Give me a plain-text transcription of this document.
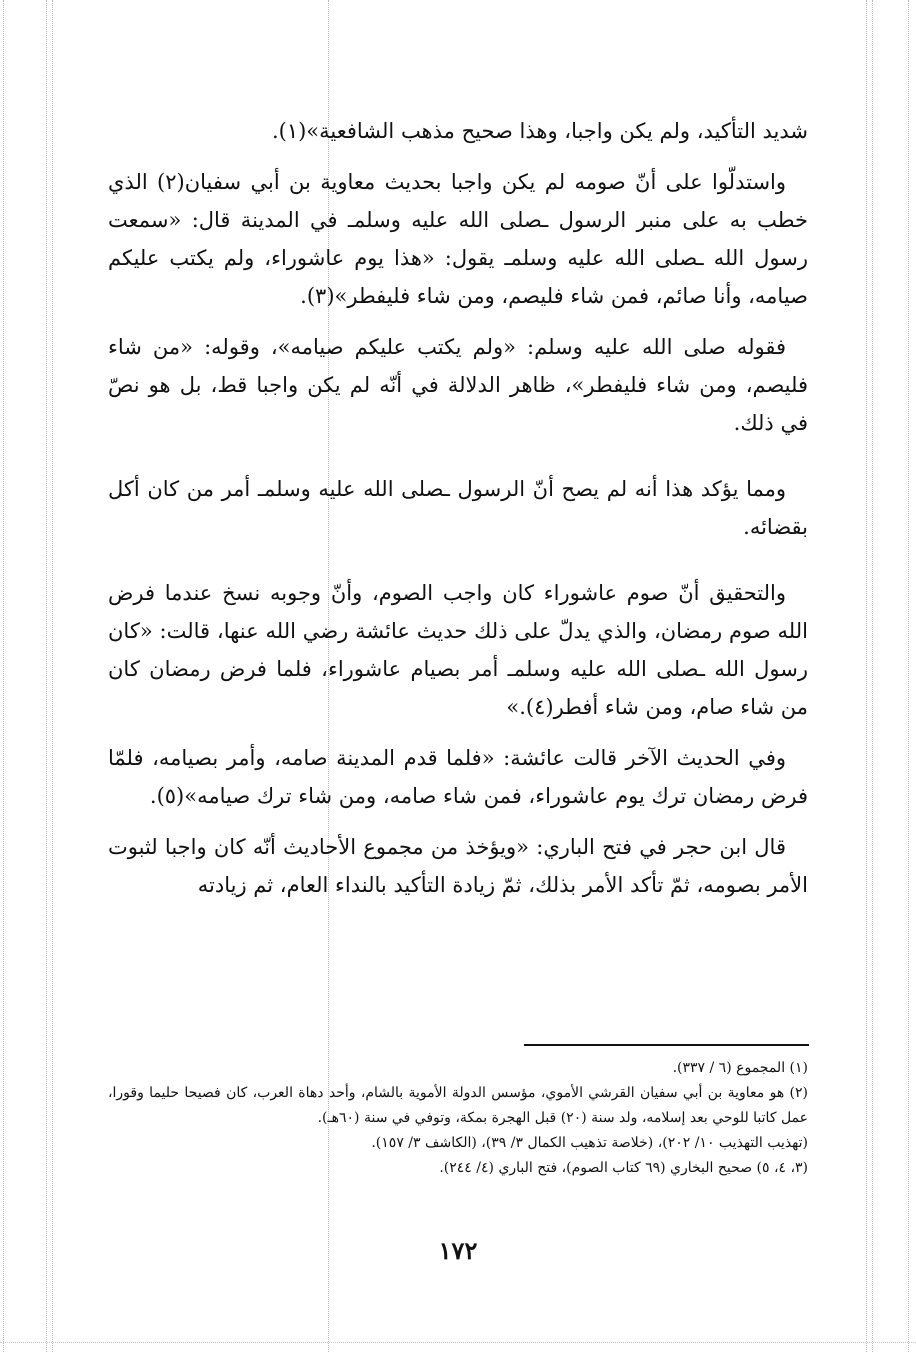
شديد التأكيد، ولم يكن واجبا، وهذا صحيح مذهب الشافعية»(١).

واستدلّوا على أنّ صومه لم يكن واجبا بحديث معاوية بن أبي سفيان(٢) الذي خطب به على منبر الرسول ـصلى الله عليه وسلمـ في المدينة قال: «سمعت رسول الله ـصلى الله عليه وسلمـ يقول: «هذا يوم عاشوراء، ولم يكتب عليكم صيامه، وأنا صائم، فمن شاء فليصم، ومن شاء فليفطر»(٣).

فقوله صلى الله عليه وسلم: «ولم يكتب عليكم صيامه»، وقوله: «من شاء فليصم، ومن شاء فليفطر»، ظاهر الدلالة في أنّه لم يكن واجبا قط، بل هو نصّ في ذلك.

ومما يؤكد هذا أنه لم يصح أنّ الرسول ـصلى الله عليه وسلمـ أمر من كان أكل بقضائه.

والتحقيق أنّ صوم عاشوراء كان واجب الصوم، وأنّ وجوبه نسخ عندما فرض الله صوم رمضان، والذي يدلّ على ذلك حديث عائشة رضي الله عنها، قالت: «كان رسول الله ـصلى الله عليه وسلمـ أمر بصيام عاشوراء، فلما فرض رمضان كان من شاء صام، ومن شاء أفطر(٤).»

وفي الحديث الآخر قالت عائشة: «فلما قدم المدينة صامه، وأمر بصيامه، فلمّا فرض رمضان ترك يوم عاشوراء، فمن شاء صامه، ومن شاء ترك صيامه»(٥).

قال ابن حجر في فتح الباري: «ويؤخذ من مجموع الأحاديث أنّه كان واجبا لثبوت الأمر بصومه، ثمّ تأكد الأمر بذلك، ثمّ زيادة التأكيد بالنداء العام، ثم زيادته

(١) المجموع (٦ / ٣٣٧).

(٢) هو معاوية بن أبي سفيان القرشي الأموي، مؤسس الدولة الأموية بالشام، وأحد دهاة العرب، كان فصيحا حليما وقورا، عمل كاتبا للوحي بعد إسلامه، ولد سنة (٢٠) قبل الهجرة بمكة، وتوفي في سنة (٦٠هـ).

(تهذيب التهذيب ١٠/ ٢٠٢)، (خلاصة تذهيب الكمال ٣/ ٣٩)، (الكاشف ٣/ ١٥٧).

(٣، ٤، ٥) صحيح البخاري (٦٩ كتاب الصوم)، فتح الباري (٤/ ٢٤٤).

١٧٢
